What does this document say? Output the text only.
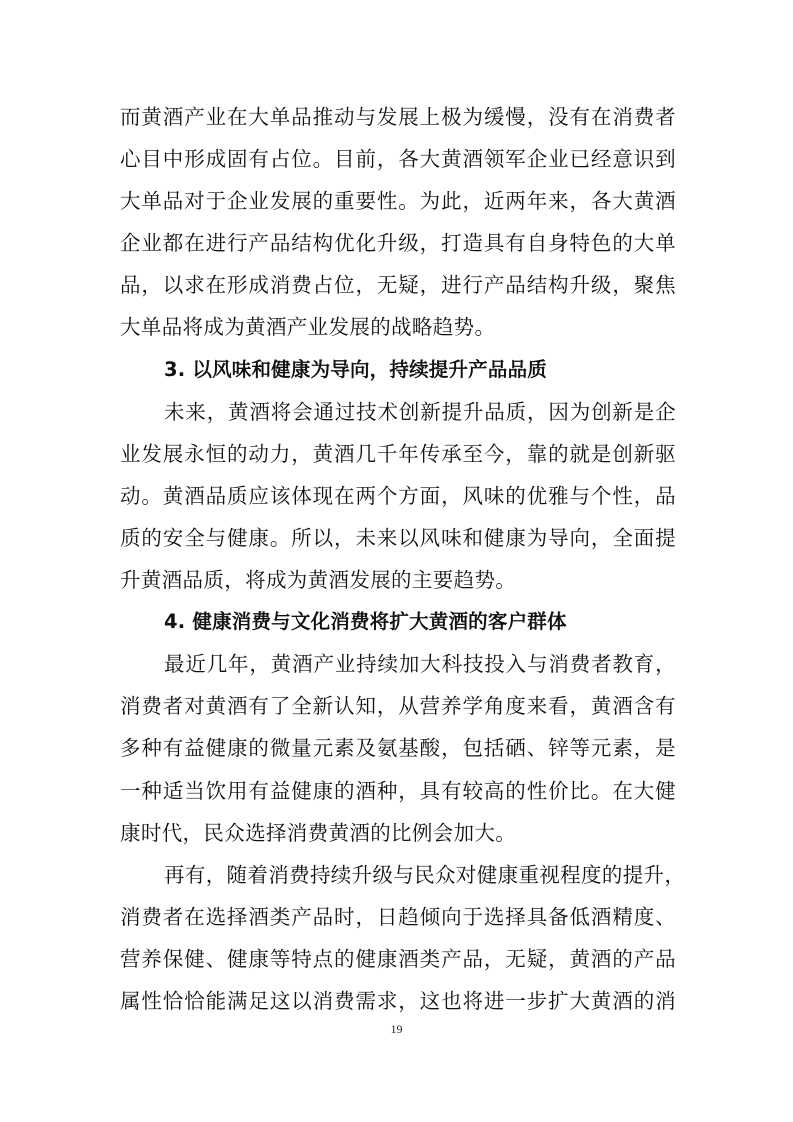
而黄酒产业在大单品推动与发展上极为缓慢，没有在消费者
心目中形成固有占位。目前，各大黄酒领军企业已经意识到
大单品对于企业发展的重要性。为此，近两年来，各大黄酒
企业都在进行产品结构优化升级，打造具有自身特色的大单
品，以求在形成消费占位，无疑，进行产品结构升级，聚焦
大单品将成为黄酒产业发展的战略趋势。
3. 以风味和健康为导向，持续提升产品品质
未来，黄酒将会通过技术创新提升品质，因为创新是企
业发展永恒的动力，黄酒几千年传承至今，靠的就是创新驱
动。黄酒品质应该体现在两个方面，风味的优雅与个性，品
质的安全与健康。所以，未来以风味和健康为导向，全面提
升黄酒品质，将成为黄酒发展的主要趋势。
4. 健康消费与文化消费将扩大黄酒的客户群体
最近几年，黄酒产业持续加大科技投入与消费者教育，
消费者对黄酒有了全新认知，从营养学角度来看，黄酒含有
多种有益健康的微量元素及氨基酸，包括硒、锌等元素，是
一种适当饮用有益健康的酒种，具有较高的性价比。在大健
康时代，民众选择消费黄酒的比例会加大。
再有，随着消费持续升级与民众对健康重视程度的提升，
消费者在选择酒类产品时，日趋倾向于选择具备低酒精度、
营养保健、健康等特点的健康酒类产品，无疑，黄酒的产品
属性恰恰能满足这以消费需求，这也将进一步扩大黄酒的消
19
